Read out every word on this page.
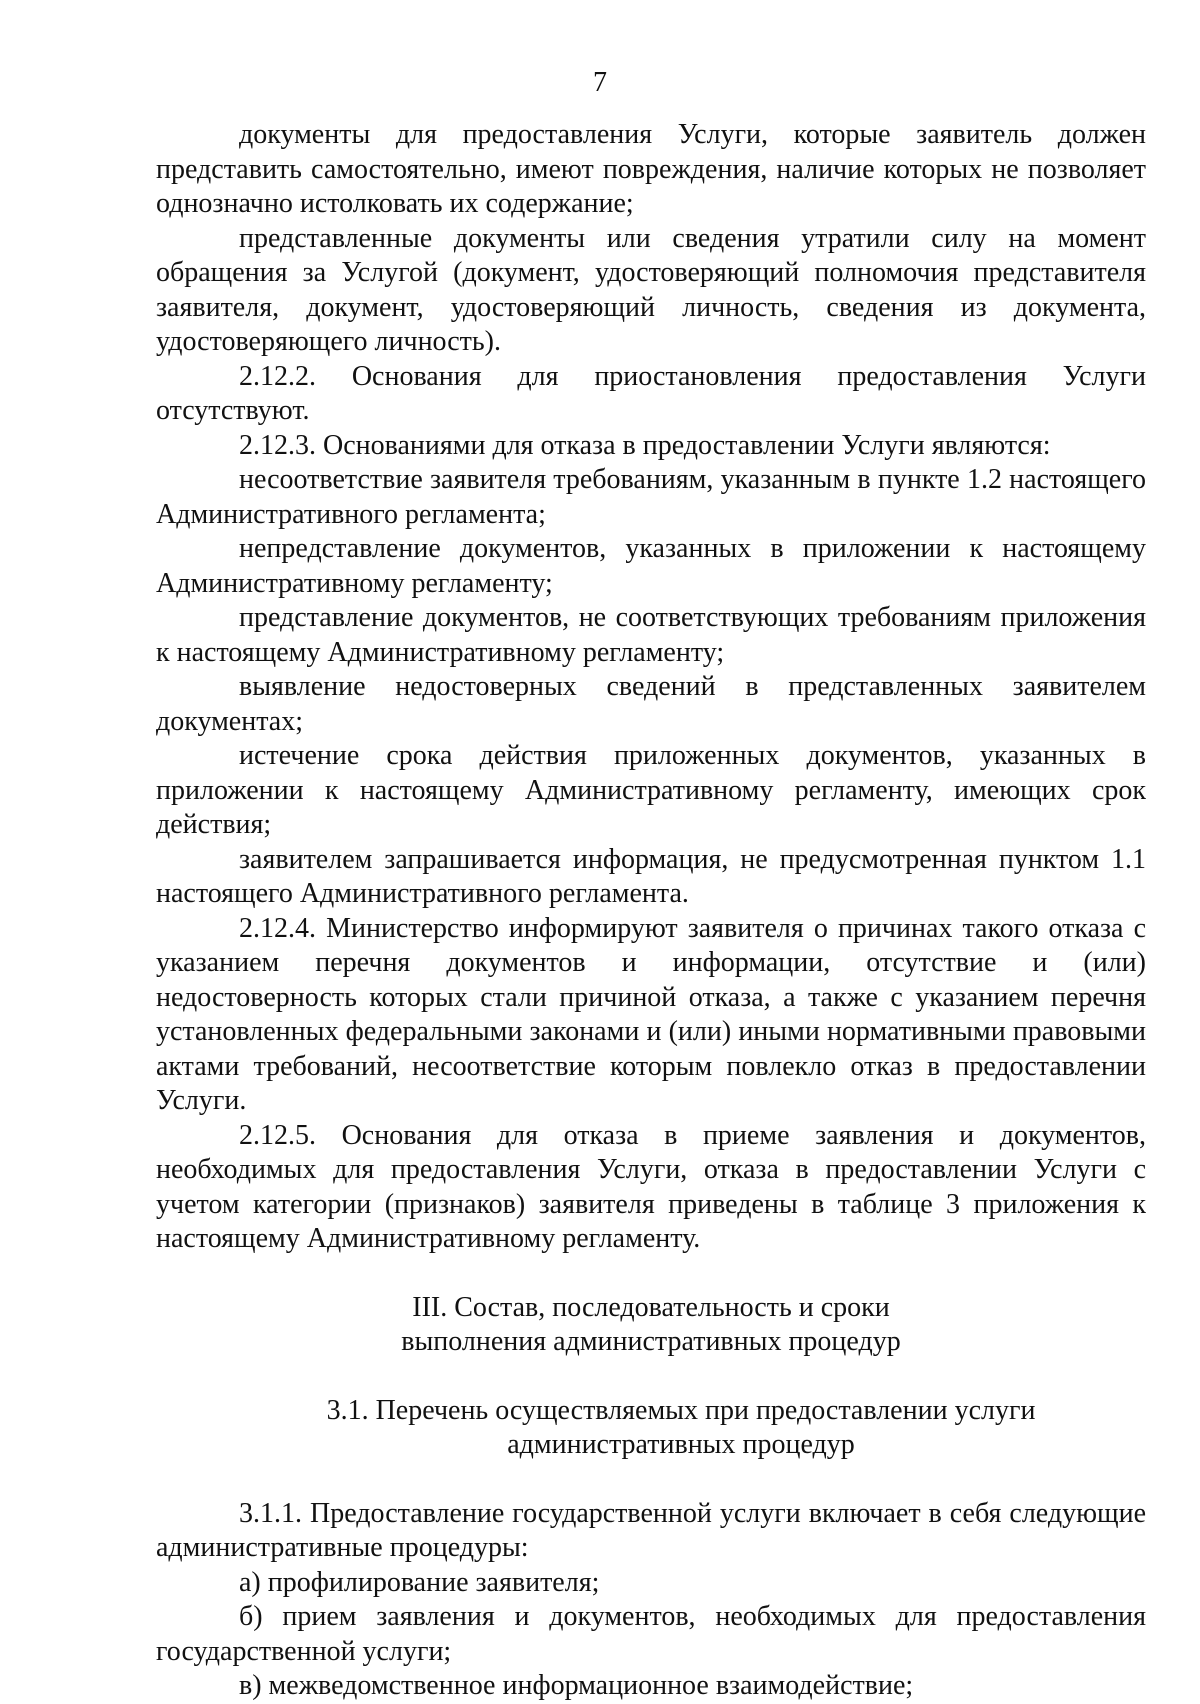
7

документы для предоставления Услуги, которые заявитель должен представить самостоятельно, имеют повреждения, наличие которых не позволяет однозначно истолковать их содержание;

представленные документы или сведения утратили силу на момент обращения за Услугой (документ, удостоверяющий полномочия представителя заявителя, документ, удостоверяющий личность, сведения из документа, удостоверяющего личность).

2.12.2. Основания для приостановления предоставления Услуги отсутствуют.

2.12.3. Основаниями для отказа в предоставлении Услуги являются:

несоответствие заявителя требованиям, указанным в пункте 1.2 настоящего Административного регламента;

непредставление документов, указанных в приложении к настоящему Административному регламенту;

представление документов, не соответствующих требованиям приложения к настоящему Административному регламенту;

выявление недостоверных сведений в представленных заявителем документах;

истечение срока действия приложенных документов, указанных в приложении к настоящему Административному регламенту, имеющих срок действия;

заявителем запрашивается информация, не предусмотренная пунктом 1.1 настоящего Административного регламента.

2.12.4. Министерство информируют заявителя о причинах такого отказа с указанием перечня документов и информации, отсутствие и (или) недостоверность которых стали причиной отказа, а также с указанием перечня установленных федеральными законами и (или) иными нормативными правовыми актами требований, несоответствие которым повлекло отказ в предоставлении Услуги.

2.12.5. Основания для отказа в приеме заявления и документов, необходимых для предоставления Услуги, отказа в предоставлении Услуги с учетом категории (признаков) заявителя приведены в таблице 3 приложения к настоящему Административному регламенту.

III. Состав, последовательность и сроки
выполнения административных процедур
3.1. Перечень осуществляемых при предоставлении услуги административных процедур

3.1.1. Предоставление государственной услуги включает в себя следующие административные процедуры:

а) профилирование заявителя;

б) прием заявления и документов, необходимых для предоставления государственной услуги;

в) межведомственное информационное взаимодействие;
